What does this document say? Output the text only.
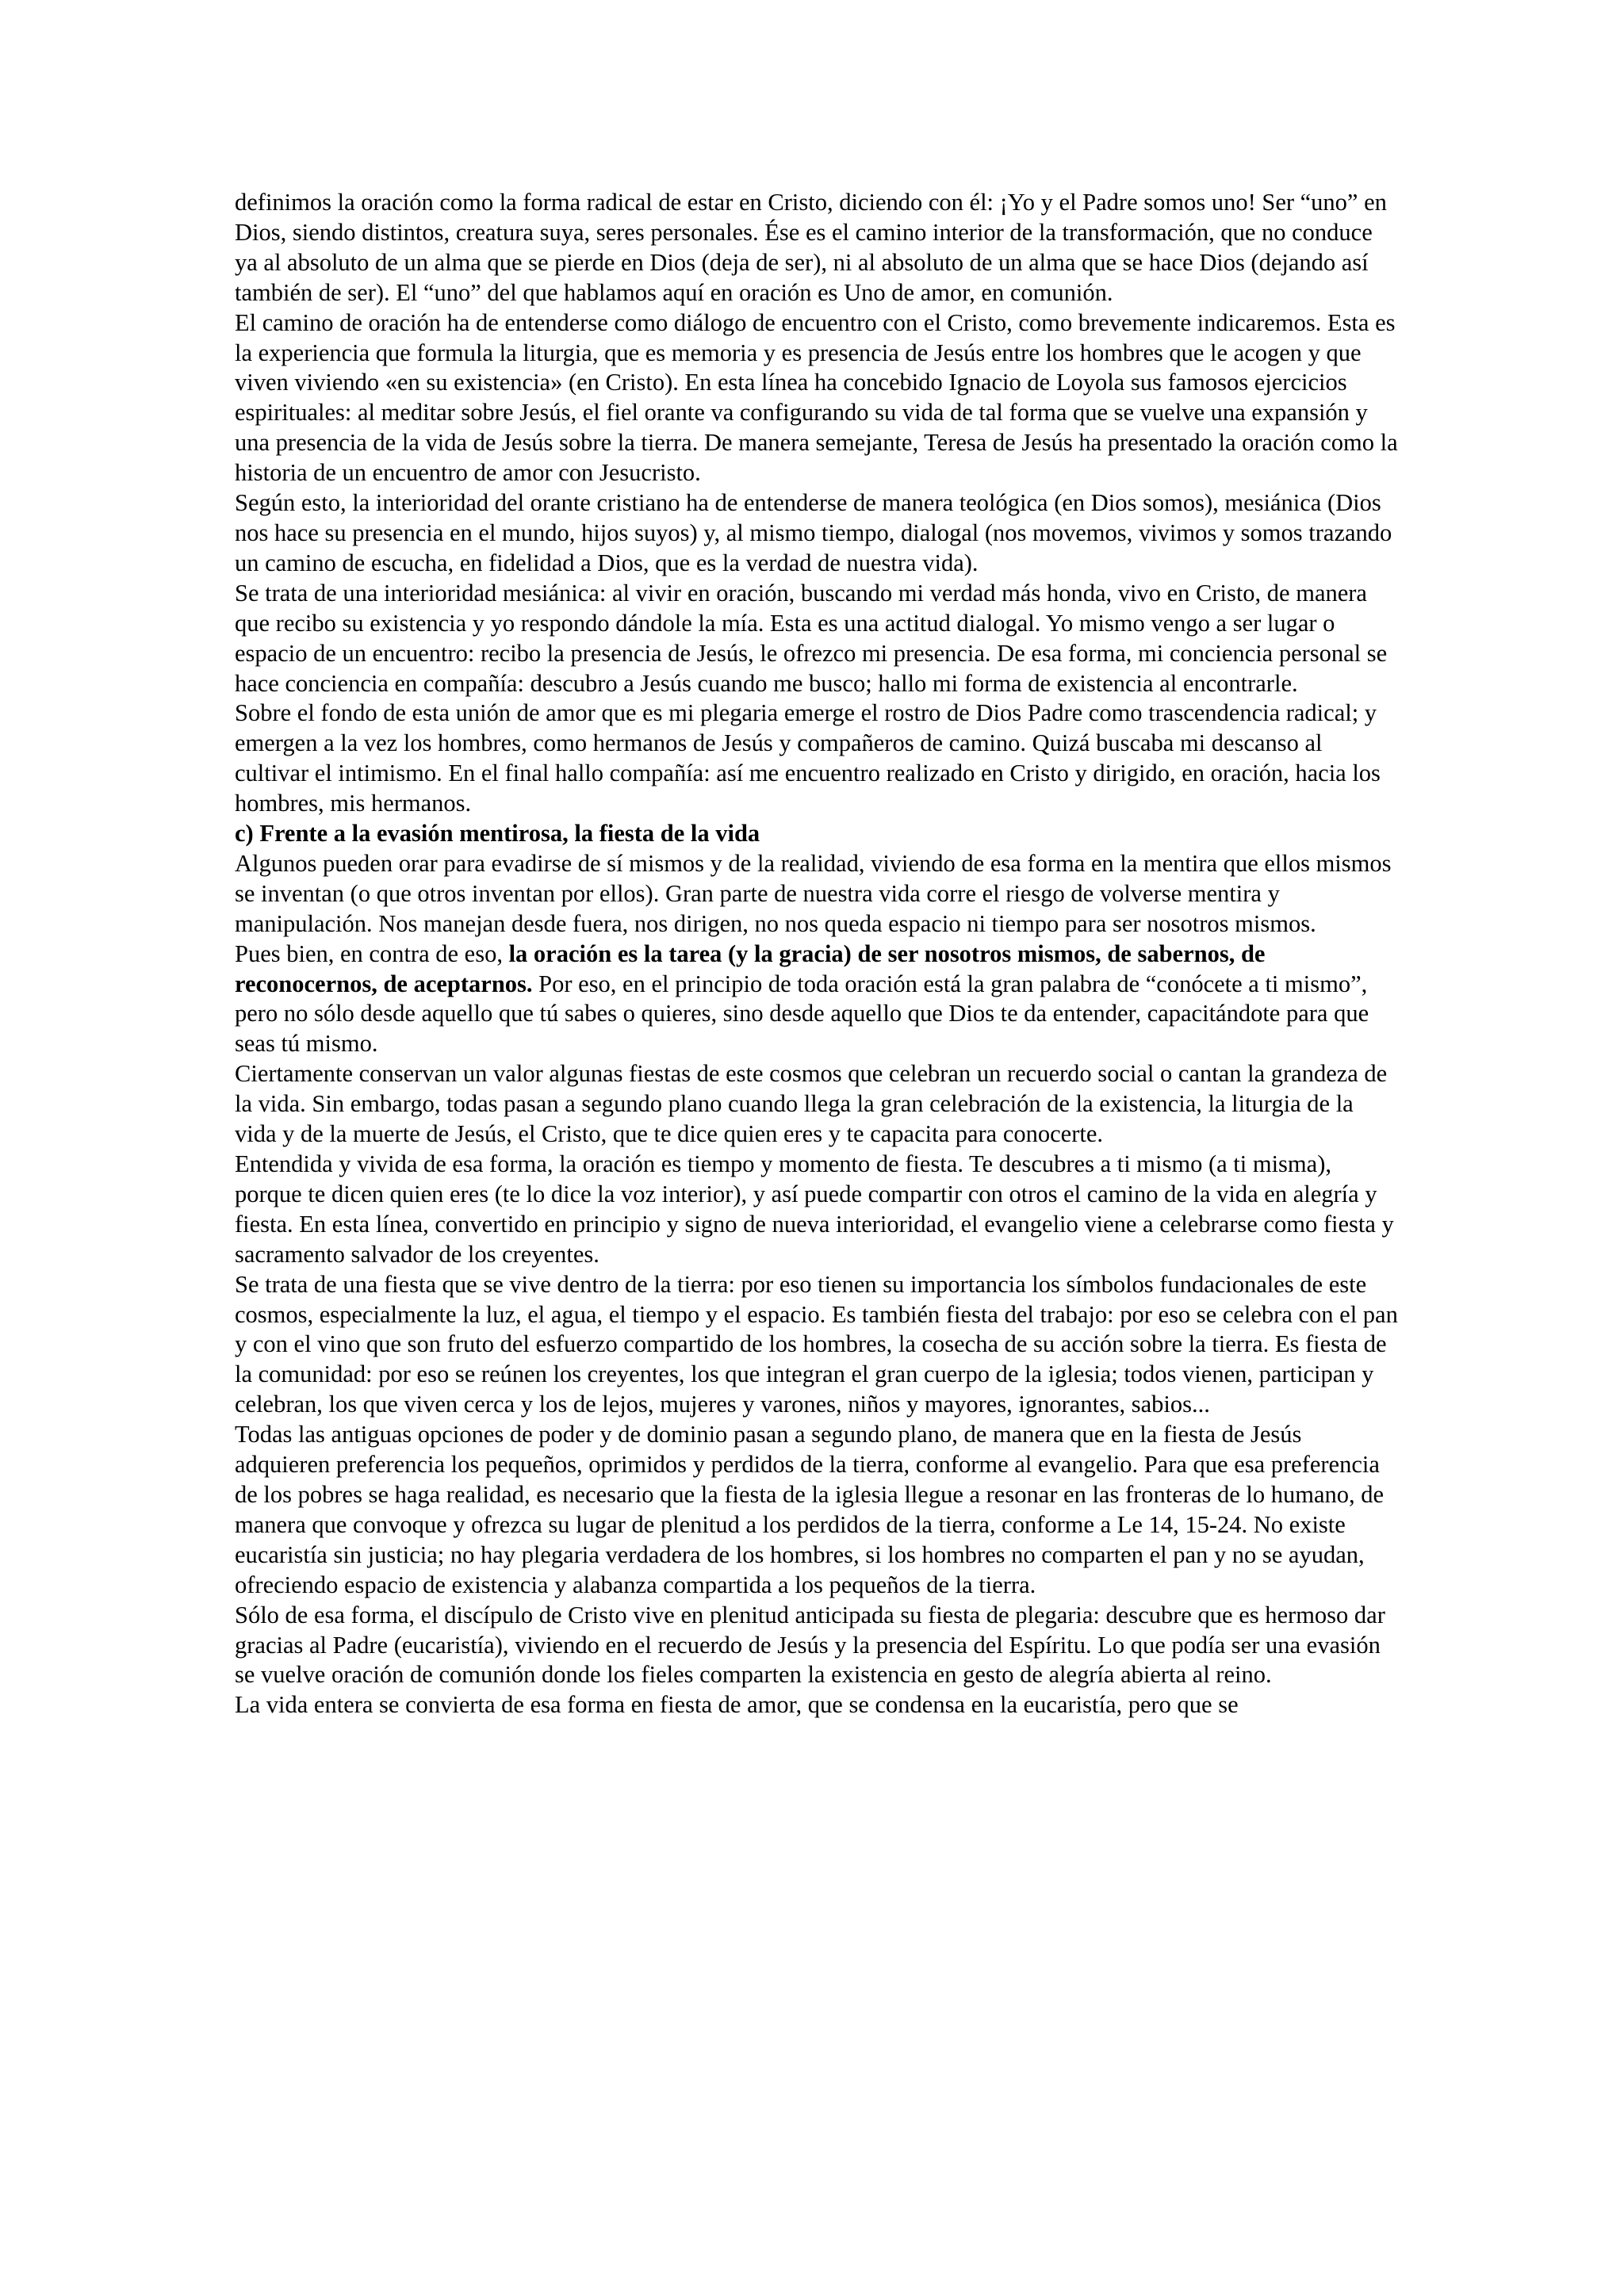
definimos la oración como la forma radical de estar en Cristo, diciendo con él: ¡Yo y el Padre somos uno! Ser “uno” en Dios, siendo distintos, creatura suya, seres personales. Ése es el camino interior de la transformación, que no conduce ya al absoluto de un alma que se pierde en Dios (deja de ser), ni al absoluto de un alma que se hace Dios (dejando así también de ser). El “uno” del que hablamos aquí en oración es Uno de amor, en comunión.

El camino de oración ha de entenderse como diálogo de encuentro con el Cristo, como brevemente indicaremos. Esta es la experiencia que formula la liturgia, que es memoria y es presencia de Jesús entre los hombres que le acogen y que viven viviendo «en su existencia» (en Cristo). En esta línea ha concebido Ignacio de Loyola sus famosos ejercicios espirituales: al meditar sobre Jesús, el fiel orante va configurando su vida de tal forma que se vuelve una expansión y una presencia de la vida de Jesús sobre la tierra. De manera semejante, Teresa de Jesús ha presentado la oración como la historia de un encuentro de amor con Jesucristo.

Según esto, la interioridad del orante cristiano ha de entenderse de manera teológica (en Dios somos), mesiánica (Dios nos hace su presencia en el mundo, hijos suyos) y, al mismo tiempo, dialogal (nos movemos, vivimos y somos trazando un camino de escucha, en fidelidad a Dios, que es la verdad de nuestra vida).

Se trata de una interioridad mesiánica: al vivir en oración, buscando mi verdad más honda, vivo en Cristo, de manera que recibo su existencia y yo respondo dándole la mía. Esta es una actitud dialogal. Yo mismo vengo a ser lugar o espacio de un encuentro: recibo la presencia de Jesús, le ofrezco mi presencia. De esa forma, mi conciencia personal se hace conciencia en compañía: descubro a Jesús cuando me busco; hallo mi forma de existencia al encontrarle.

Sobre el fondo de esta unión de amor que es mi plegaria emerge el rostro de Dios Padre como trascendencia radical; y emergen a la vez los hombres, como hermanos de Jesús y compañeros de camino. Quizá buscaba mi descanso al cultivar el intimismo. En el final hallo compañía: así me encuentro realizado en Cristo y dirigido, en oración, hacia los hombres, mis hermanos.

c) Frente a la evasión mentirosa, la fiesta de la vida

Algunos pueden orar para evadirse de sí mismos y de la realidad, viviendo de esa forma en la mentira que ellos mismos se inventan (o que otros inventan por ellos). Gran parte de nuestra vida corre el riesgo de volverse mentira y manipulación. Nos manejan desde fuera, nos dirigen, no nos queda espacio ni tiempo para ser nosotros mismos.

Pues bien, en contra de eso, la oración es la tarea (y la gracia) de ser nosotros mismos, de sabernos, de reconocernos, de aceptarnos. Por eso, en el principio de toda oración está la gran palabra de “conócete a ti mismo”, pero no sólo desde aquello que tú sabes o quieres, sino desde aquello que Dios te da entender, capacitándote para que seas tú mismo.

Ciertamente conservan un valor algunas fiestas de este cosmos que celebran un recuerdo social o cantan la grandeza de la vida. Sin embargo, todas pasan a segundo plano cuando llega la gran celebración de la existencia, la liturgia de la vida y de la muerte de Jesús, el Cristo, que te dice quien eres y te capacita para conocerte.

Entendida y vivida de esa forma, la oración es tiempo y momento de fiesta. Te descubres a ti mismo (a ti misma), porque te dicen quien eres (te lo dice la voz interior), y así puede compartir con otros el camino de la vida en alegría y fiesta. En esta línea, convertido en principio y signo de nueva interioridad, el evangelio viene a celebrarse como fiesta y sacramento salvador de los creyentes.

Se trata de una fiesta que se vive dentro de la tierra: por eso tienen su importancia los símbolos fundacionales de este cosmos, especialmente la luz, el agua, el tiempo y el espacio. Es también fiesta del trabajo: por eso se celebra con el pan y con el vino que son fruto del esfuerzo compartido de los hombres, la cosecha de su acción sobre la tierra. Es fiesta de la comunidad: por eso se reúnen los creyentes, los que integran el gran cuerpo de la iglesia; todos vienen, participan y celebran, los que viven cerca y los de lejos, mujeres y varones, niños y mayores, ignorantes, sabios...

Todas las antiguas opciones de poder y de dominio pasan a segundo plano, de manera que en la fiesta de Jesús adquieren preferencia los pequeños, oprimidos y perdidos de la tierra, conforme al evangelio. Para que esa preferencia de los pobres se haga realidad, es necesario que la fiesta de la iglesia llegue a resonar en las fronteras de lo humano, de manera que convoque y ofrezca su lugar de plenitud a los perdidos de la tierra, conforme a Le 14, 15-24. No existe eucaristía sin justicia; no hay plegaria verdadera de los hombres, si los hombres no comparten el pan y no se ayudan, ofreciendo espacio de existencia y alabanza compartida a los pequeños de la tierra.

Sólo de esa forma, el discípulo de Cristo vive en plenitud anticipada su fiesta de plegaria: descubre que es hermoso dar gracias al Padre (eucaristía), viviendo en el recuerdo de Jesús y la presencia del Espíritu. Lo que podía ser una evasión se vuelve oración de comunión donde los fieles comparten la existencia en gesto de alegría abierta al reino.

La vida entera se convierta de esa forma en fiesta de amor, que se condensa en la eucaristía, pero que se
